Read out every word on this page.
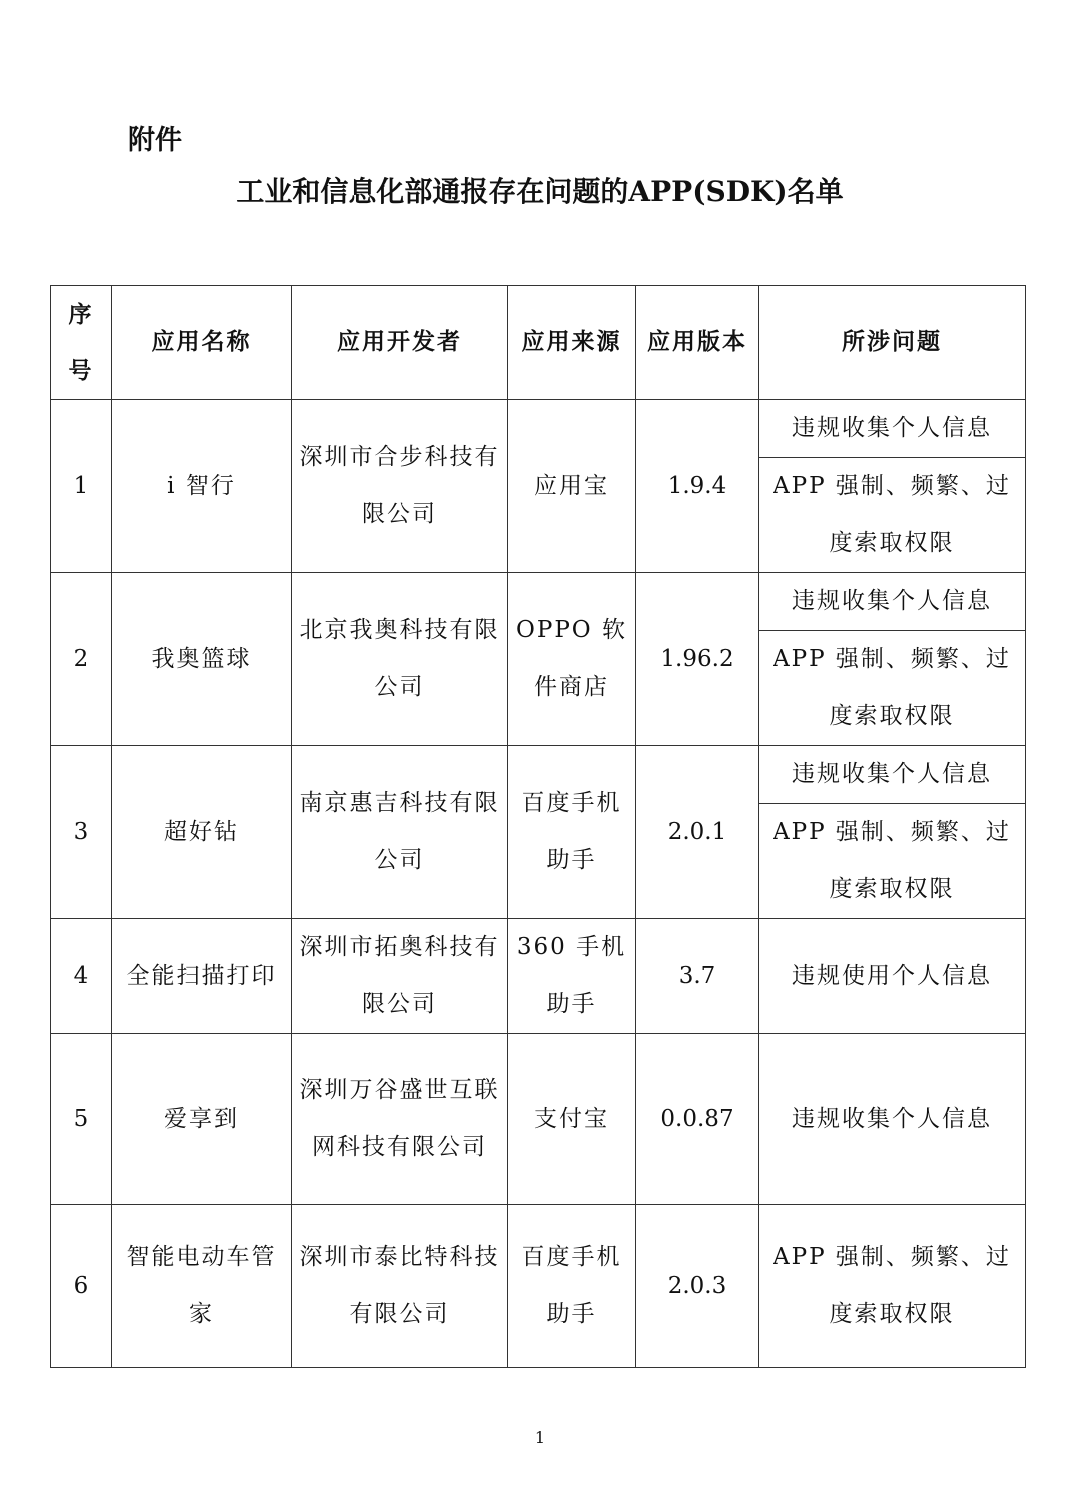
附件
工业和信息化部通报存在问题的APP(SDK)名单
序号	应用名称	应用开发者	应用来源	应用版本	所涉问题
1	i 智行	深圳市合步科技有限公司	应用宝	1.9.4	违规收集个人信息
					APP 强制、频繁、过度索取权限
2	我奥篮球	北京我奥科技有限公司	OPPO 软件商店	1.96.2	违规收集个人信息
					APP 强制、频繁、过度索取权限
3	超好钻	南京惠吉科技有限公司	百度手机助手	2.0.1	违规收集个人信息
					APP 强制、频繁、过度索取权限
4	全能扫描打印	深圳市拓奥科技有限公司	360 手机助手	3.7	违规使用个人信息
5	爱享到	深圳万谷盛世互联网科技有限公司	支付宝	0.0.87	违规收集个人信息
6	智能电动车管家	深圳市泰比特科技有限公司	百度手机助手	2.0.3	APP 强制、频繁、过度索取权限
1
